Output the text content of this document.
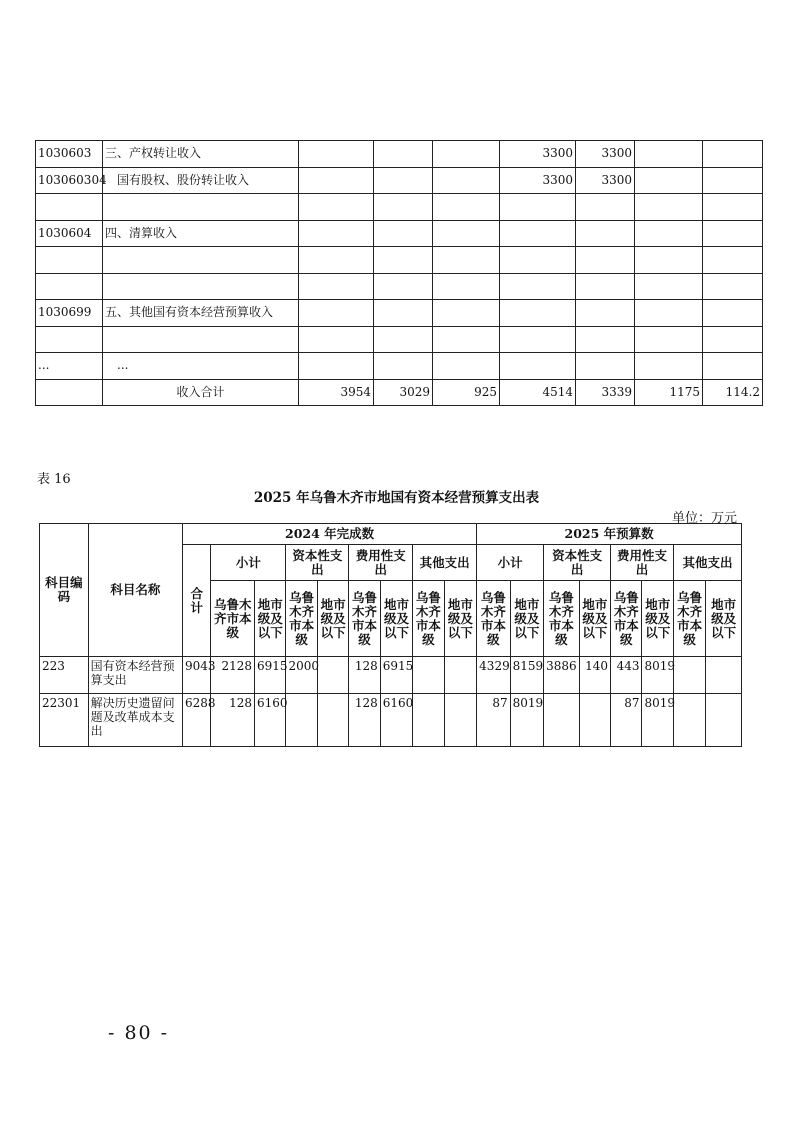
1030603	三、产权转让收入				3300	3300		
103060304	国有股权、股份转让收入				3300	3300		

1030604	四、清算收入							

1030699	五、其他国有资本经营预算收入							

...	...							
	收入合计	3954	3029	925	4514	3339	1175	114.2
表 16
2025 年乌鲁木齐市地国有资本经营预算支出表
单位：万元
科目编码	科目名称	2024 年完成数									2025 年预算数							
		合计	小计		资本性支出		费用性支出		其他支出		小计		资本性支出		费用性支出		其他支出	
			乌鲁木齐市本级	地市级及以下	乌鲁木齐市本级	地市级及以下	乌鲁木齐市本级	地市级及以下	乌鲁木齐市本级	地市级及以下	乌鲁木齐市本级	地市级及以下	乌鲁木齐市本级	地市级及以下	乌鲁木齐市本级	地市级及以下	乌鲁木齐市本级	地市级及以下
223	国有资本经营预算支出	9043	2128	6915	2000		128	6915			4329	8159	3886	140	443	8019		
22301	解决历史遗留问题及改革成本支出	6288	128	6160			128	6160			87	8019			87	8019		
- 80 -
